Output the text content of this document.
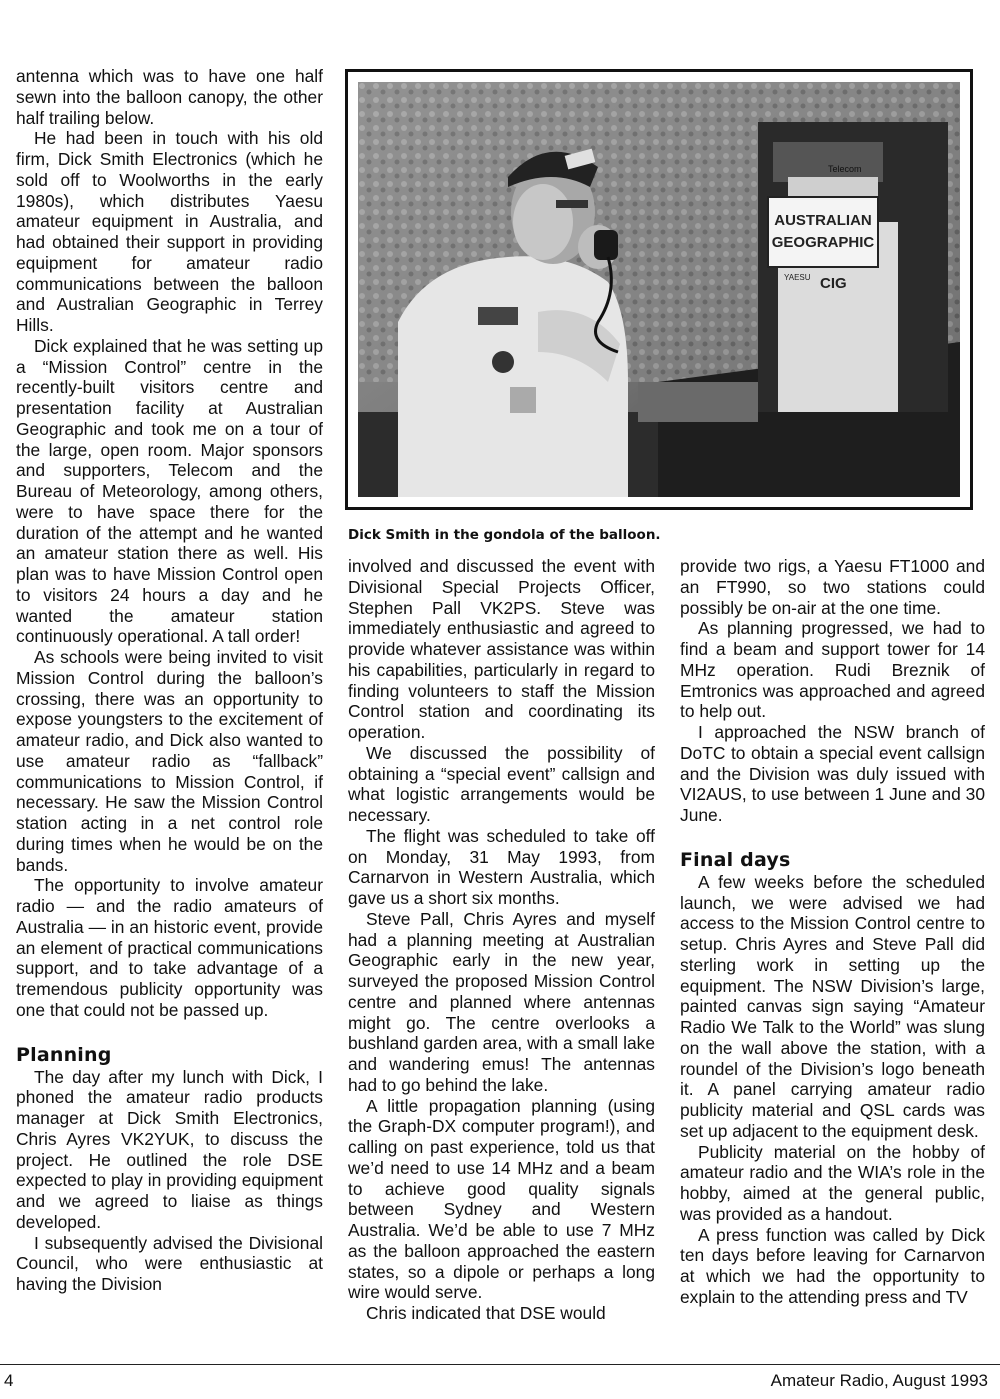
antenna which was to have one half sewn into the balloon canopy, the other half trailing below.

He had been in touch with his old firm, Dick Smith Electronics (which he sold off to Woolworths in the early 1980s), which distributes Yaesu amateur equipment in Australia, and had obtained their support in providing equipment for amateur radio communications between the balloon and Australian Geographic in Terrey Hills.

Dick explained that he was setting up a “Mission Control” centre in the recently-built visitors centre and presentation facility at Australian Geographic and took me on a tour of the large, open room. Major sponsors and supporters, Telecom and the Bureau of Meteorology, among others, were to have space there for the duration of the attempt and he wanted an amateur station there as well. His plan was to have Mission Control open to visitors 24 hours a day and he wanted the amateur station continuously operational. A tall order!

As schools were being invited to visit Mission Control during the balloon’s crossing, there was an opportunity to expose youngsters to the excitement of amateur radio, and Dick also wanted to use amateur radio as “fallback” communications to Mission Control, if necessary. He saw the Mission Control station acting in a net control role during times when he would be on the bands.

The opportunity to involve amateur radio — and the radio amateurs of Australia — in an historic event, provide an element of practical communications support, and to take advantage of a tremendous publicity opportunity was one that could not be passed up.

Planning

The day after my lunch with Dick, I phoned the amateur radio products manager at Dick Smith Electronics, Chris Ayres VK2YUK, to discuss the project. He outlined the role DSE expected to play in providing equipment and we agreed to liaise as things developed.

I subsequently advised the Divisional Council, who were enthusiastic at having the Division

AUSTRALIAN
GEOGRAPHIC
YAESU CIG
Telecom
Dick Smith in the gondola of the balloon.

involved and discussed the event with Divisional Special Projects Officer, Stephen Pall VK2PS. Steve was immediately enthusiastic and agreed to provide whatever assistance was within his capabilities, particularly in regard to finding volunteers to staff the Mission Control station and coordinating its operation.

We discussed the possibility of obtaining a “special event” callsign and what logistic arrangements would be necessary.

The flight was scheduled to take off on Monday, 31 May 1993, from Carnarvon in Western Australia, which gave us a short six months.

Steve Pall, Chris Ayres and myself had a planning meeting at Australian Geographic early in the new year, surveyed the proposed Mission Control centre and planned where antennas might go. The centre overlooks a bushland garden area, with a small lake and wandering emus! The antennas had to go behind the lake.

A little propagation planning (using the Graph-DX computer program!), and calling on past experience, told us that we’d need to use 14 MHz and a beam to achieve good quality signals between Sydney and Western Australia. We’d be able to use 7 MHz as the balloon approached the eastern states, so a dipole or perhaps a long wire would serve.

Chris indicated that DSE would

provide two rigs, a Yaesu FT1000 and an FT990, so two stations could possibly be on-air at the one time.

As planning progressed, we had to find a beam and support tower for 14 MHz operation. Rudi Breznik of Emtronics was approached and agreed to help out.

I approached the NSW branch of DoTC to obtain a special event callsign and the Division was duly issued with VI2AUS, to use between 1 June and 30 June.

Final days

A few weeks before the scheduled launch, we were advised we had access to the Mission Control centre to setup. Chris Ayres and Steve Pall did sterling work in setting up the equipment. The NSW Division’s large, painted canvas sign saying “Amateur Radio We Talk to the World” was slung on the wall above the station, with a roundel of the Division’s logo beneath it. A panel carrying amateur radio publicity material and QSL cards was set up adjacent to the equipment desk.

Publicity material on the hobby of amateur radio and the WIA’s role in the hobby, aimed at the general public, was provided as a handout.

A press function was called by Dick ten days before leaving for Carnarvon at which we had the opportunity to explain to the attending press and TV

4	Amateur Radio, August 1993
